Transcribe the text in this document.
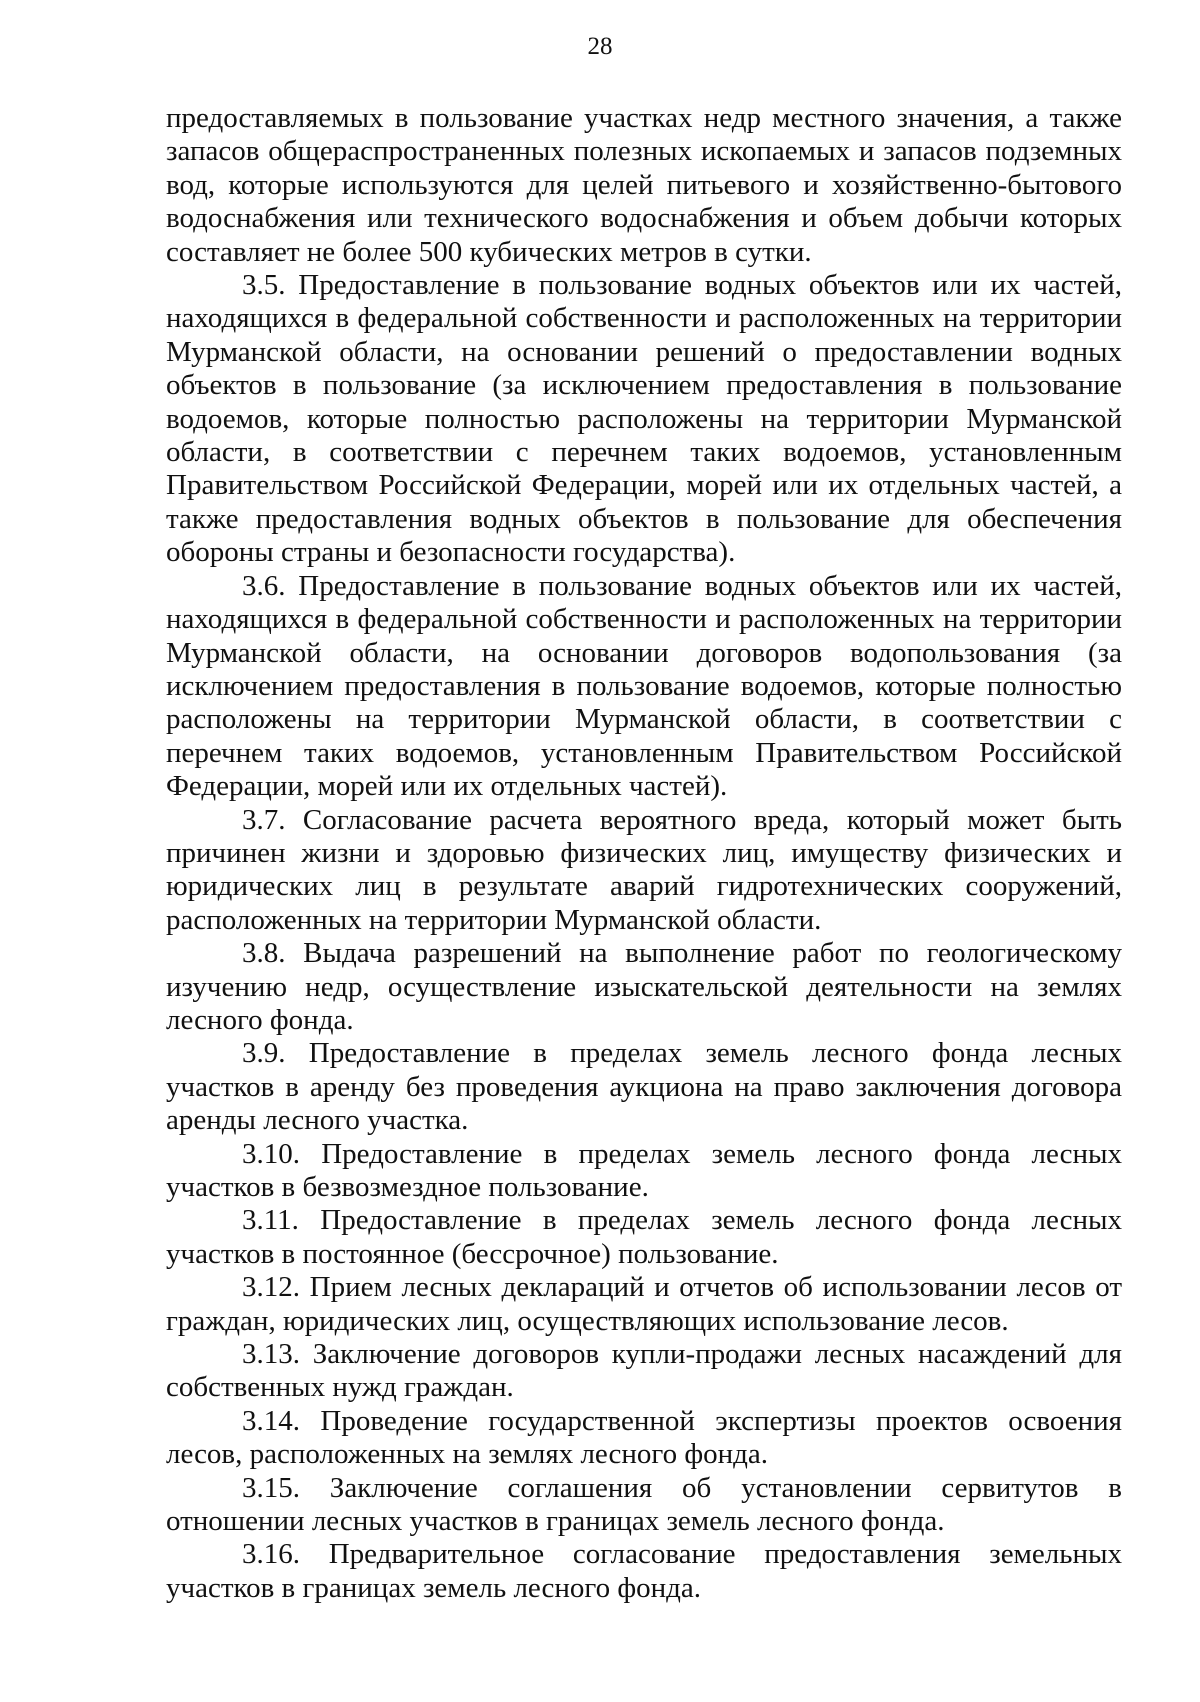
28

предоставляемых в пользование участках недр местного значения, а также запасов общераспространенных полезных ископаемых и запасов подземных вод, которые используются для целей питьевого и хозяйственно-бытового водоснабжения или технического водоснабжения и объем добычи которых составляет не более 500 кубических метров в сутки.

3.5. Предоставление в пользование водных объектов или их частей, находящихся в федеральной собственности и расположенных на территории Мурманской области, на основании решений о предоставлении водных объектов в пользование (за исключением предоставления в пользование водоемов, которые полностью расположены на территории Мурманской области, в соответствии с перечнем таких водоемов, установленным Правительством Российской Федерации, морей или их отдельных частей, а также предоставления водных объектов в пользование для обеспечения обороны страны и безопасности государства).

3.6. Предоставление в пользование водных объектов или их частей, находящихся в федеральной собственности и расположенных на территории Мурманской области, на основании договоров водопользования (за исключением предоставления в пользование водоемов, которые полностью расположены на территории Мурманской области, в соответствии с перечнем таких водоемов, установленным Правительством Российской Федерации, морей или их отдельных частей).

3.7. Согласование расчета вероятного вреда, который может быть причинен жизни и здоровью физических лиц, имуществу физических и юридических лиц в результате аварий гидротехнических сооружений, расположенных на территории Мурманской области.

3.8. Выдача разрешений на выполнение работ по геологическому изучению недр, осуществление изыскательской деятельности на землях лесного фонда.

3.9. Предоставление в пределах земель лесного фонда лесных участков в аренду без проведения аукциона на право заключения договора аренды лесного участка.

3.10. Предоставление в пределах земель лесного фонда лесных участков в безвозмездное пользование.

3.11. Предоставление в пределах земель лесного фонда лесных участков в постоянное (бессрочное) пользование.

3.12. Прием лесных деклараций и отчетов об использовании лесов от граждан, юридических лиц, осуществляющих использование лесов.

3.13. Заключение договоров купли-продажи лесных насаждений для собственных нужд граждан.

3.14. Проведение государственной экспертизы проектов освоения лесов, расположенных на землях лесного фонда.

3.15. Заключение соглашения об установлении сервитутов в отношении лесных участков в границах земель лесного фонда.

3.16. Предварительное согласование предоставления земельных участков в границах земель лесного фонда.
